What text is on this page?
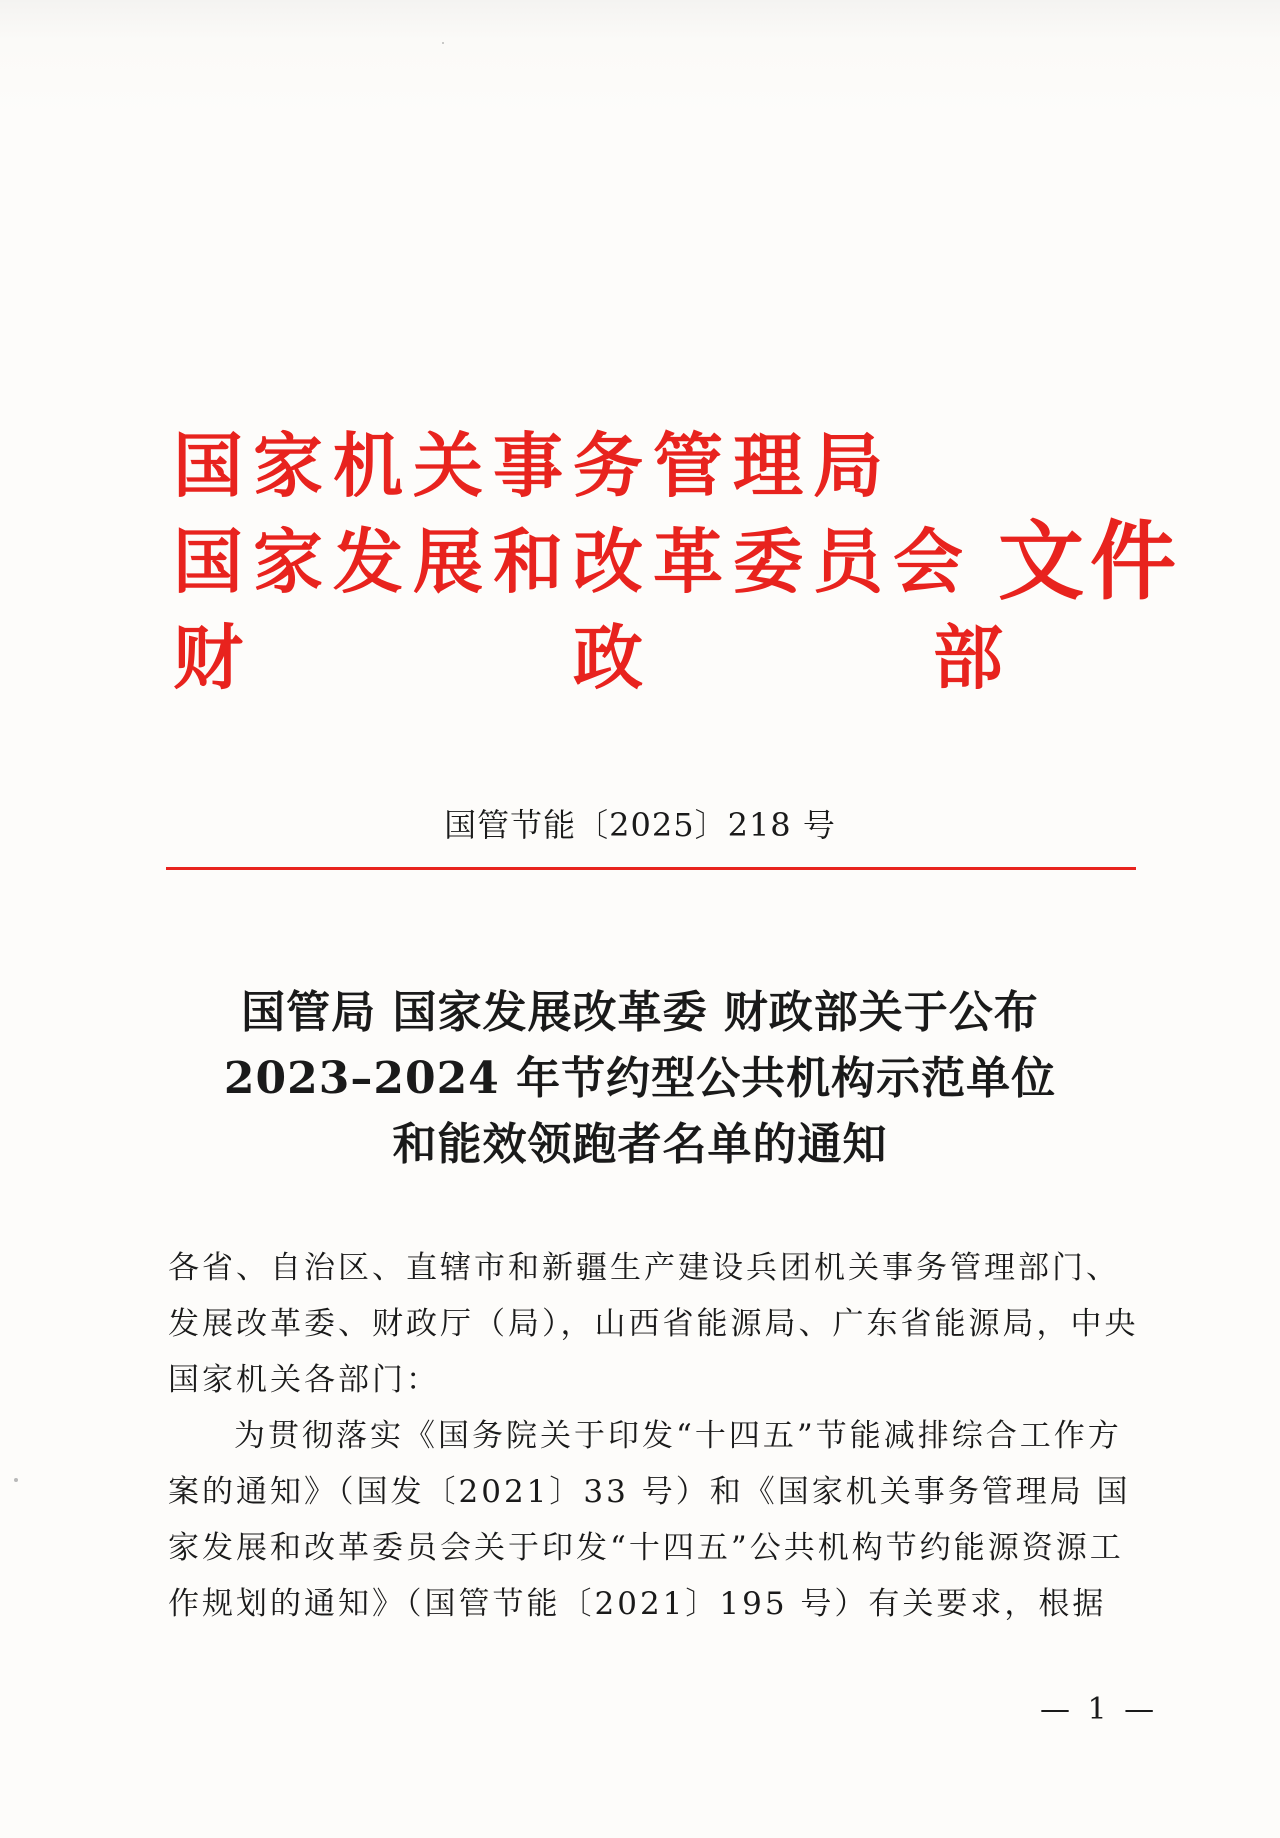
国 家 机 关 事 务 管 理 局
国 家 发 展 和 改 革 委 员 会
财	政	部
文件
国管节能〔2025〕218 号
国管局 国家发展改革委 财政部关于公布
2023–2024 年节约型公共机构示范单位
和能效领跑者名单的通知

各省、自治区、直辖市和新疆生产建设兵团机关事务管理部门、发展改革委、财政厅（局），山西省能源局、广东省能源局，中央国家机关各部门：

为贯彻落实《国务院关于印发“十四五”节能减排综合工作方案的通知》（国发〔2021〕33 号）和《国家机关事务管理局 国家发展和改革委员会关于印发“十四五”公共机构节约能源资源工作规划的通知》（国管节能〔2021〕195 号）有关要求，根据

— 1 —
